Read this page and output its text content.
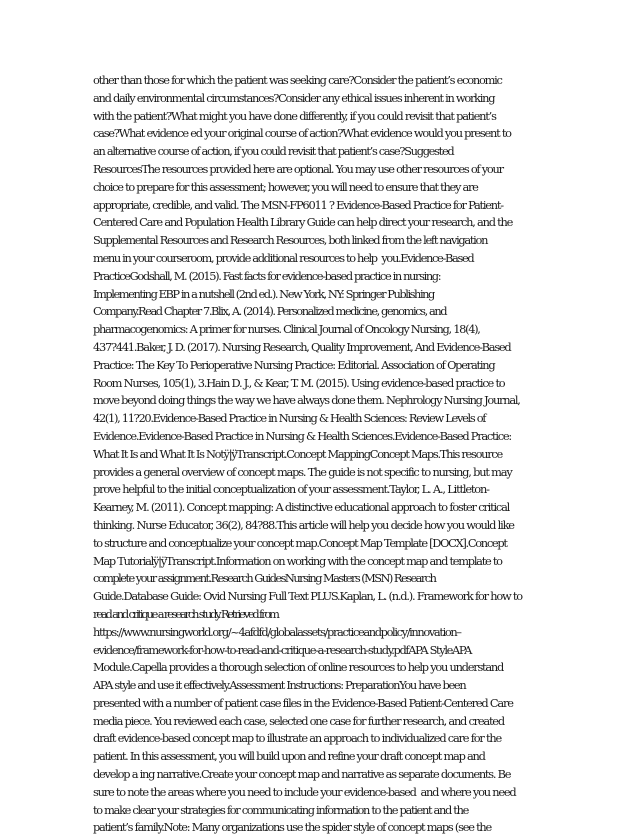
other than those for which the patient was seeking care?Consider the patient’s economic
and daily environmental circumstances?Consider any ethical issues inherent in working
with the patient?What might you have done differently, if you could revisit that patient’s
case?What evidence ed your original course of action?What evidence would you present to
an alternative course of action, if you could revisit that patient’s case?Suggested
ResourcesThe resources provided here are optional. You may use other resources of your
choice to prepare for this assessment; however, you will need to ensure that they are
appropriate, credible, and valid. The MSN-FP6011 ? Evidence-Based Practice for Patient-
Centered Care and Population Health Library Guide can help direct your research, and the
Supplemental Resources and Research Resources, both linked from the left navigation
menu in your courseroom, provide additional resources to help  you.Evidence-Based
PracticeGodshall, M. (2015). Fast facts for evidence-based practice in nursing:
Implementing EBP in a nutshell (2nd ed.). New York, NY: Springer Publishing
Company.Read Chapter 7.Blix, A. (2014). Personalized medicine, genomics, and
pharmacogenomics: A primer for nurses. Clinical Journal of Oncology Nursing, 18(4),
437?441.Baker, J. D. (2017). Nursing Research, Quality Improvement, And Evidence-Based
Practice: The Key To Perioperative Nursing Practice: Editorial. Association of Operating
Room Nurses, 105(1), 3.Hain D. J., & Kear, T. M. (2015). Using evidence-based practice to
move beyond doing things the way we have always done them. Nephrology Nursing Journal,
42(1), 11?20.Evidence-Based Practice in Nursing & Health Sciences: Review Levels of
Evidence.Evidence-Based Practice in Nursing & Health Sciences.Evidence-Based Practice:
What It Is and What It Is Notÿ|ÿTranscript.Concept MappingConcept Maps.This resource
provides a general overview of concept maps. The guide is not specific to nursing, but may
prove helpful to the initial conceptualization of your assessment.Taylor, L. A., Littleton-
Kearney, M. (2011). Concept mapping: A distinctive educational approach to foster critical
thinking. Nurse Educator, 36(2), 84?88.This article will help you decide how you would like
to structure and conceptualize your concept map.Concept Map Template [DOCX].Concept
Map Tutorialÿ|ÿTranscript.Information on working with the concept map and template to
complete your assignment.Research GuidesNursing Masters (MSN) Research
Guide.Database Guide: Ovid Nursing Full Text PLUS.Kaplan, L. (n.d.). Framework for how to
read and critique a research study. Retrieved from
https://www.nursingworld.org/~4afdfd/globalassets/practiceandpolicy/innovation–
evidence/framework-for-how-to-read-and-critique-a-research-study.pdfAPA StyleAPA
Module.Capella provides a thorough selection of online resources to help you understand
APA style and use it effectively.Assessment Instructions: PreparationYou have been
presented with a number of patient case files in the Evidence-Based Patient-Centered Care
media piece. You reviewed each case, selected one case for further research, and created
draft evidence-based concept map to illustrate an approach to individualized care for the
patient. In this assessment, you will build upon and refine your draft concept map and
develop a ing narrative.Create your concept map and narrative as separate documents. Be
sure to note the areas where you need to include your evidence-based  and where you need
to make clear your strategies for communicating information to the patient and the
patient’s family.Note: Many organizations use the spider style of concept maps (see the
